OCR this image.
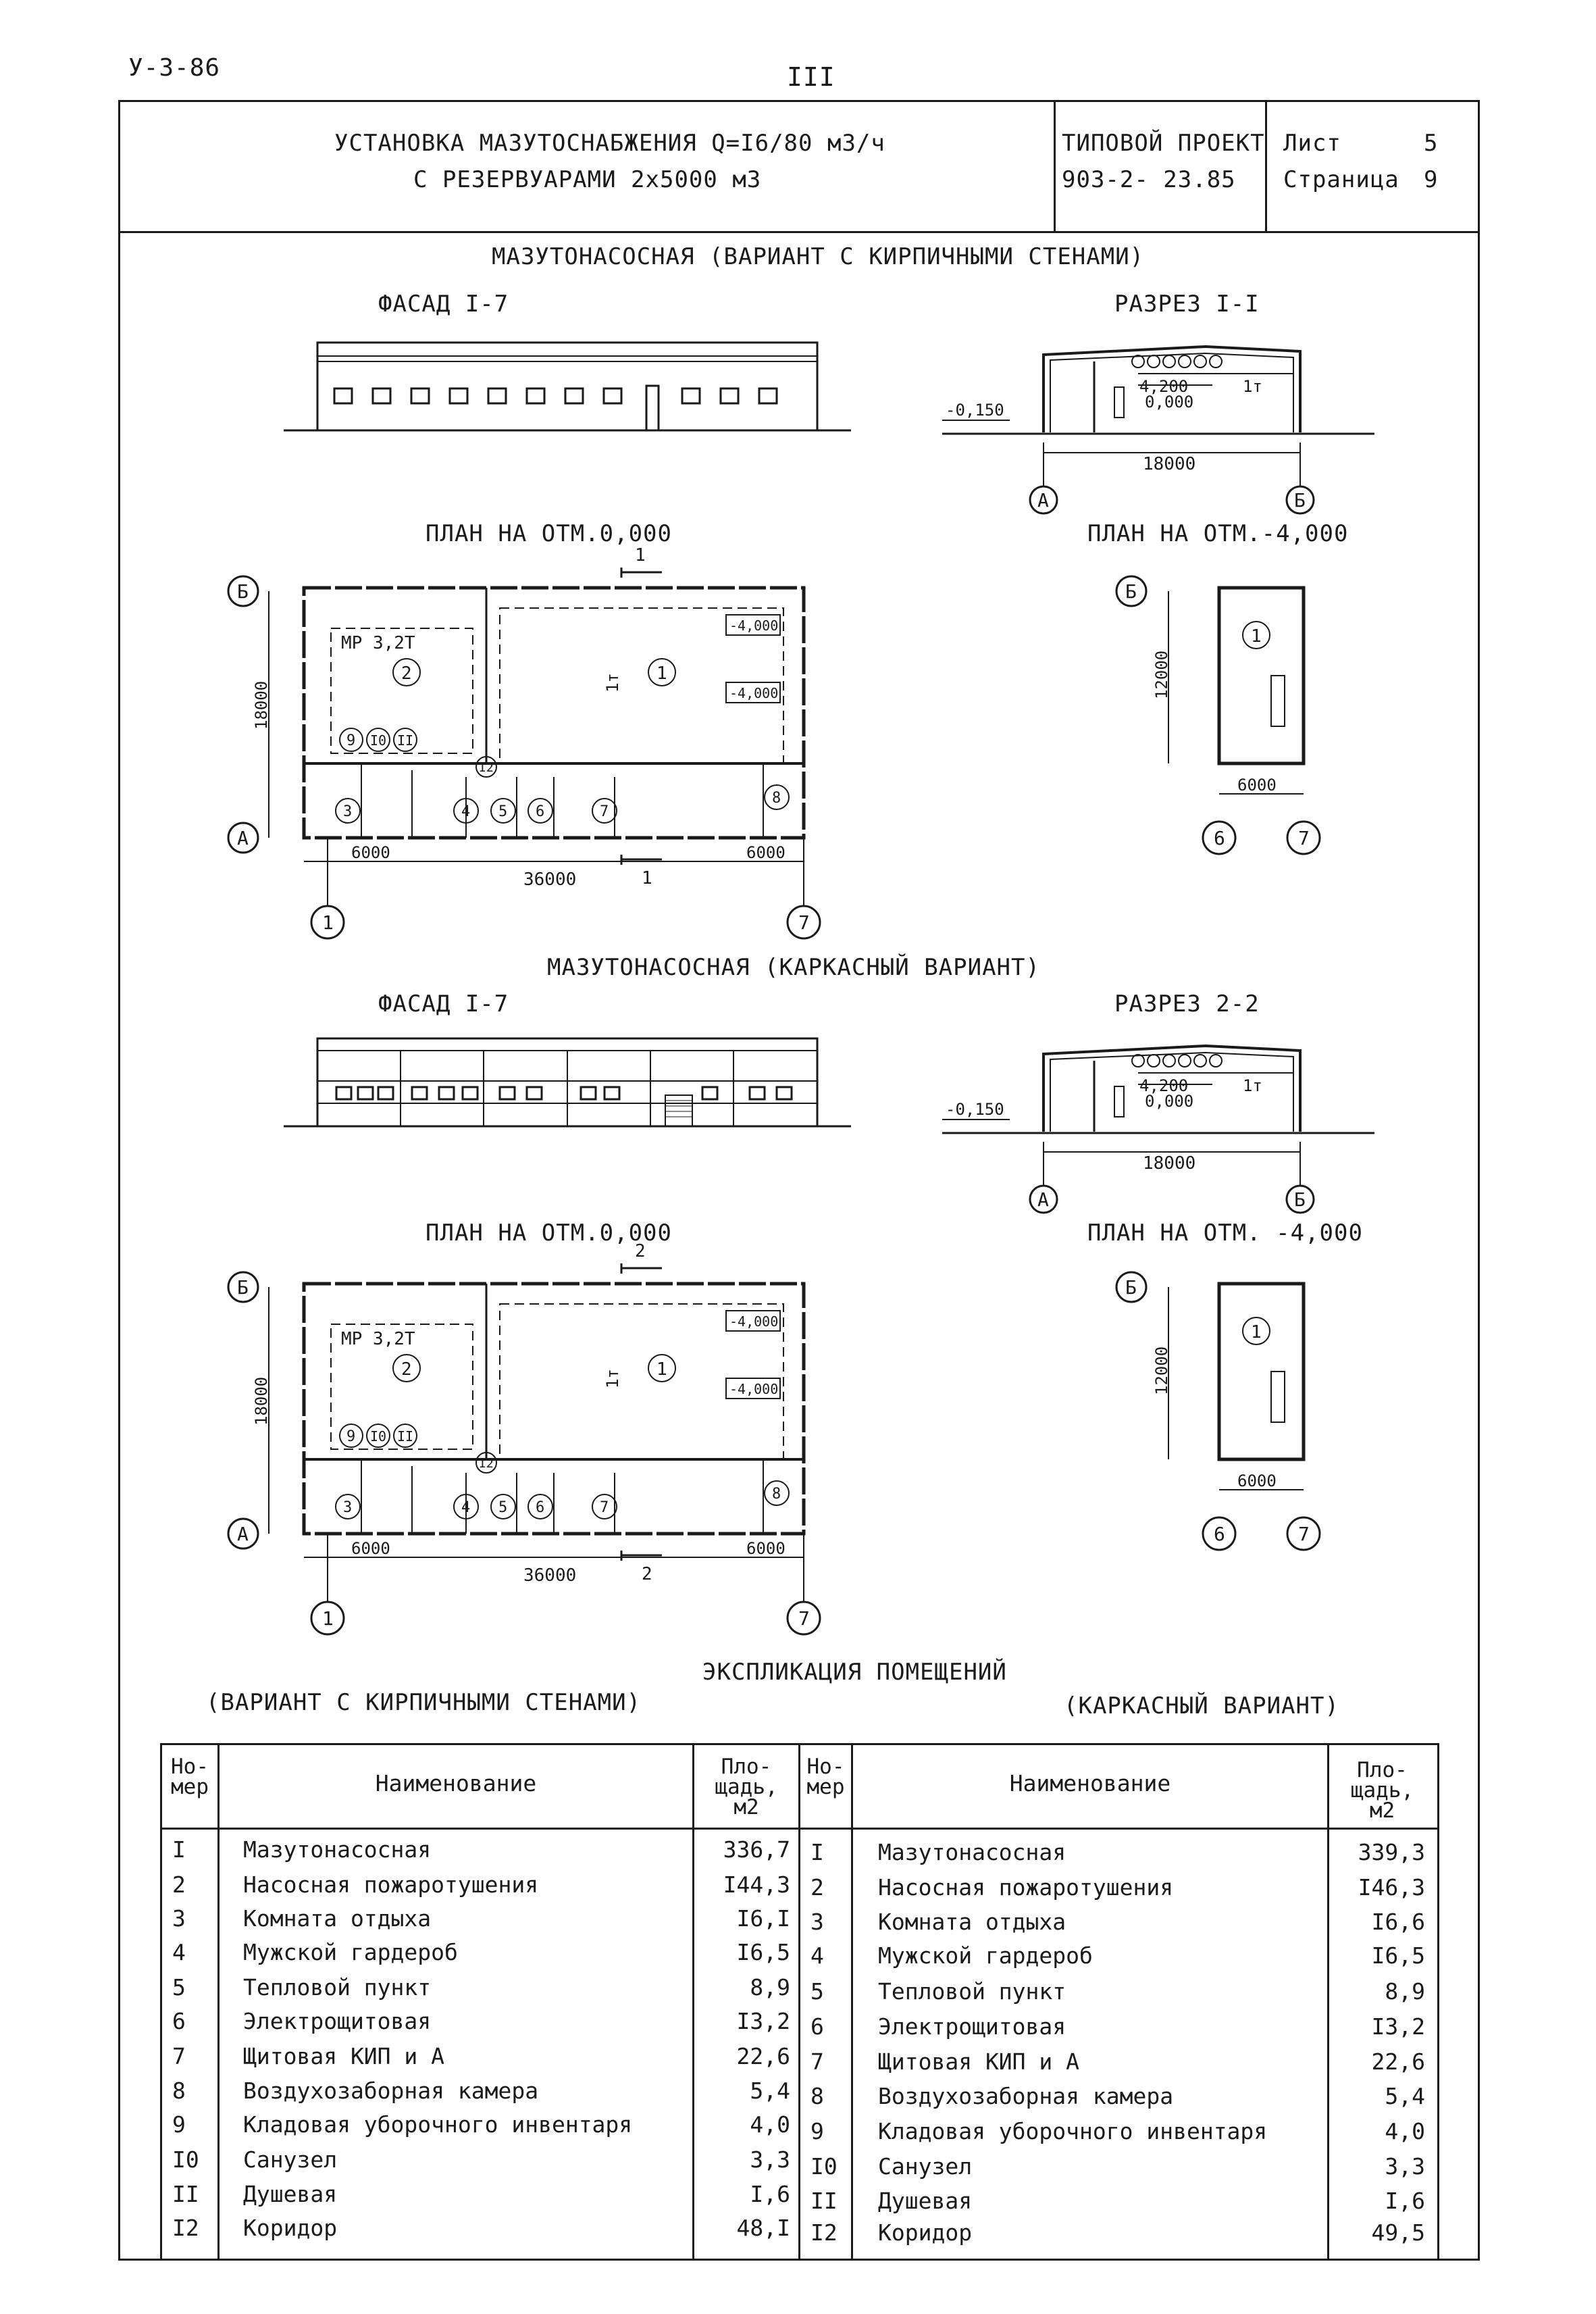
У-3-86	III
УСТАНОВКА МАЗУТОСНАБЖЕНИЯ Q=I6/80 м3/ч
С РЕЗЕРВУАРАМИ 2x5000 м3
ТИПОВОЙ ПРОЕКТ
903-2- 23.85
Лист	5
Страница 9
МАЗУТОНАСОСНАЯ (ВАРИАНТ С КИРПИЧНЫМИ СТЕНАМИ)
ФАСАД I-7	РАЗРЕЗ I-I
4,200
0,000
1т
-0,150
18000
А	Б
ПЛАН НА ОТМ.0,000	ПЛАН НА ОТМ.-4,000
1
Б
А
18000
МР 3,2Т
2	1т 1
-4,000
-4,000
9 I0 II
I2
3	4 5 6	7
8
6000	6000
36000	1
1	7
Б
12000
1
6000
6	7
МАЗУТОНАСОСНАЯ (КАРКАСНЫЙ ВАРИАНТ)
ФАСАД I-7	РАЗРЕЗ 2-2
4,200
0,000
1т
-0,150
18000
А	Б
ПЛАН НА ОТМ.0,000	ПЛАН НА ОТМ. -4,000
2
Б
А
18000
МР 3,2Т
2	1т 1
-4,000
-4,000
9 I0 II
I2
3	4 5 6	7
8
6000	6000
36000	2
1	7
Б
12000
1
6000
6	7
ЭКСПЛИКАЦИЯ ПОМЕЩЕНИЙ
(ВАРИАНТ С КИРПИЧНЫМИ СТЕНАМИ)	(КАРКАСНЫЙ ВАРИАНТ)
Но-
мер	Наименование
Пло-
щадь,
м2
Но-
мер	Наименование	Пло-
щадь,
м2
I	Мазутонасосная	336,7 I Мазутонасосная	339,3
2	Насосная пожаротушения	I44,3 2 Насосная пожаротушения	I46,3
3	Комната отдыха	I6,I 3 Комната отдыха	I6,6
4	Мужской гардероб	I6,5 4 Мужской гардероб	I6,5
5	Тепловой пункт	8,9 5 Тепловой пункт	8,9
6	Электрощитовая	I3,2 6 Электрощитовая	I3,2
7	Щитовая КИП и А	22,6 7 Щитовая КИП и А	22,6
8	Воздухозаборная камера	5,4 8 Воздухозаборная камера	5,4
9	Кладовая уборочного инвентаря	4,0 9 Кладовая уборочного инвентаря	4,0
I0 Санузел	3,3 I0 Санузел	3,3
II Душевая	I,6 II Душевая	I,6
I2 Коридор	48,I I2 Коридор	49,5
